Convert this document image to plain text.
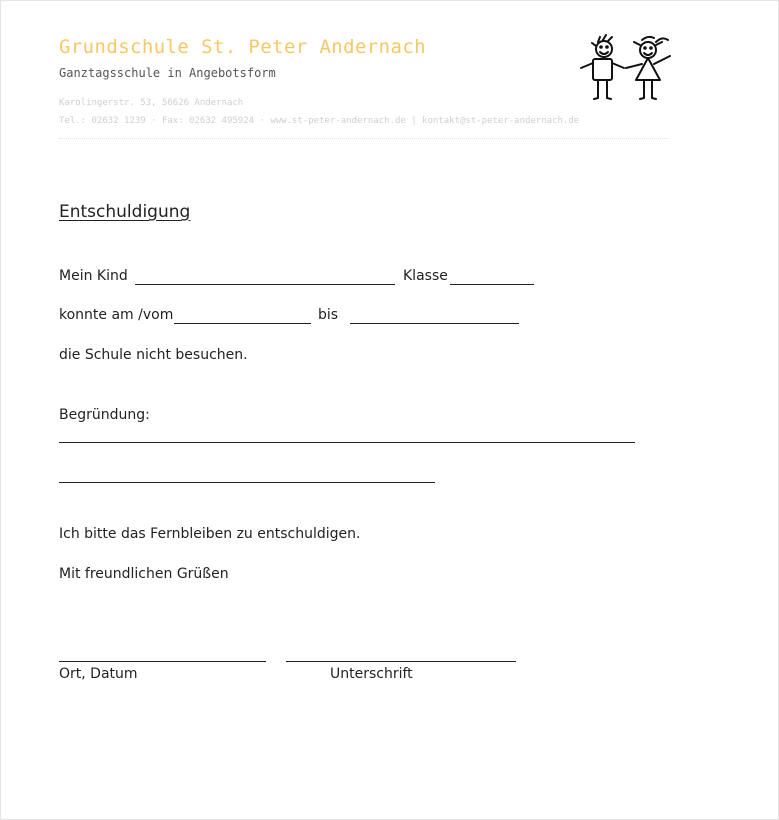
Grundschule St. Peter Andernach
Ganztagsschule in Angebotsform
Karolingerstr. 53, 56626 Andernach
Tel.: 02632 1239 · Fax: 02632 495924 · www.st-peter-andernach.de | kontakt@st-peter-andernach.de
Entschuldigung
Mein Kind	Klasse
konnte am /vom	bis
die Schule nicht besuchen.
Begründung:
Ich bitte das Fernbleiben zu entschuldigen.
Mit freundlichen Grüßen
Ort, Datum	Unterschrift
